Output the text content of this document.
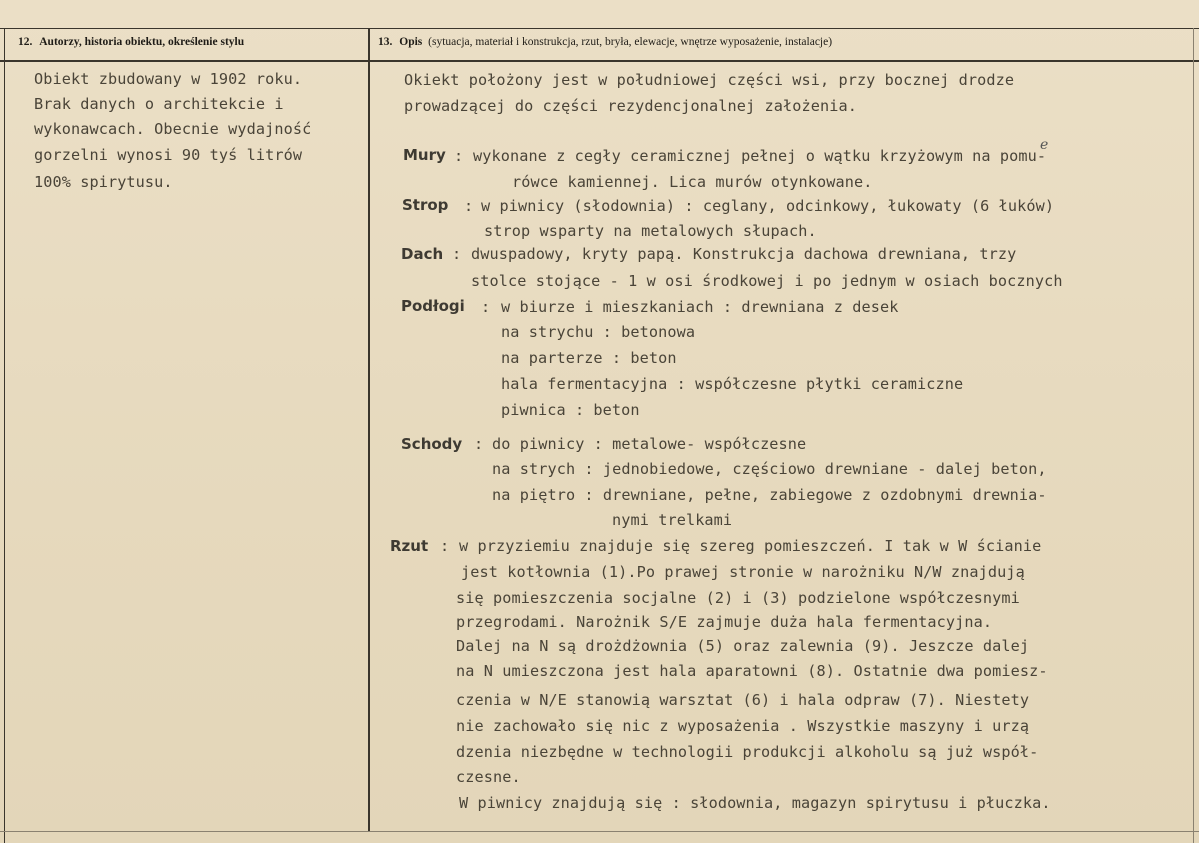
12. Autorzy, historia obiektu, określenie stylu	13. Opis (sytuacja, materiał i konstrukcja, rzut, bryła, elewacje, wnętrze wyposażenie, instalacje)
Obiekt zbudowany w 1902 roku.
Brak danych o architekcie i
wykonawcach. Obecnie wydajność
gorzelni wynosi 90 tyś litrów
100% spirytusu.
Okiekt położony jest w południowej części wsi, przy bocznej drodze
prowadzącej do części rezydencjonalnej założenia.
Mury : wykonane z cegły ceramicznej pełnej o wątku krzyżowym na pomu-
rówce kamiennej. Lica murów otynkowane.
e
Strop : w piwnicy (słodownia) : ceglany, odcinkowy, łukowaty (6 łuków)
strop wsparty na metalowych słupach.
Dach : dwuspadowy, kryty papą. Konstrukcja dachowa drewniana, trzy
stolce stojące - 1 w osi środkowej i po jednym w osiach bocznych
Podłogi : w biurze i mieszkaniach : drewniana z desek
na strychu : betonowa
na parterze : beton
hala fermentacyjna : współczesne płytki ceramiczne
piwnica : beton
Schody : do piwnicy : metalowe- współczesne
na strych : jednobiedowe, częściowo drewniane - dalej beton,
na piętro : drewniane, pełne, zabiegowe z ozdobnymi drewnia-
nymi trelkami
Rzut : w przyziemiu znajduje się szereg pomieszczeń. I tak w W ścianie
jest kotłownia (1).Po prawej stronie w narożniku N/W znajdują
się pomieszczenia socjalne (2) i (3) podzielone współczesnymi
przegrodami. Narożnik S/E zajmuje duża hala fermentacyjna.
Dalej na N są drożdżownia (5) oraz zalewnia (9). Jeszcze dalej
na N umieszczona jest hala aparatowni (8). Ostatnie dwa pomiesz-
czenia w N/E stanowią warsztat (6) i hala odpraw (7). Niestety
nie zachowało się nic z wyposażenia . Wszystkie maszyny i urzą
dzenia niezbędne w technologii produkcji alkoholu są już współ-
czesne.
W piwnicy znajdują się : słodownia, magazyn spirytusu i płuczka.
